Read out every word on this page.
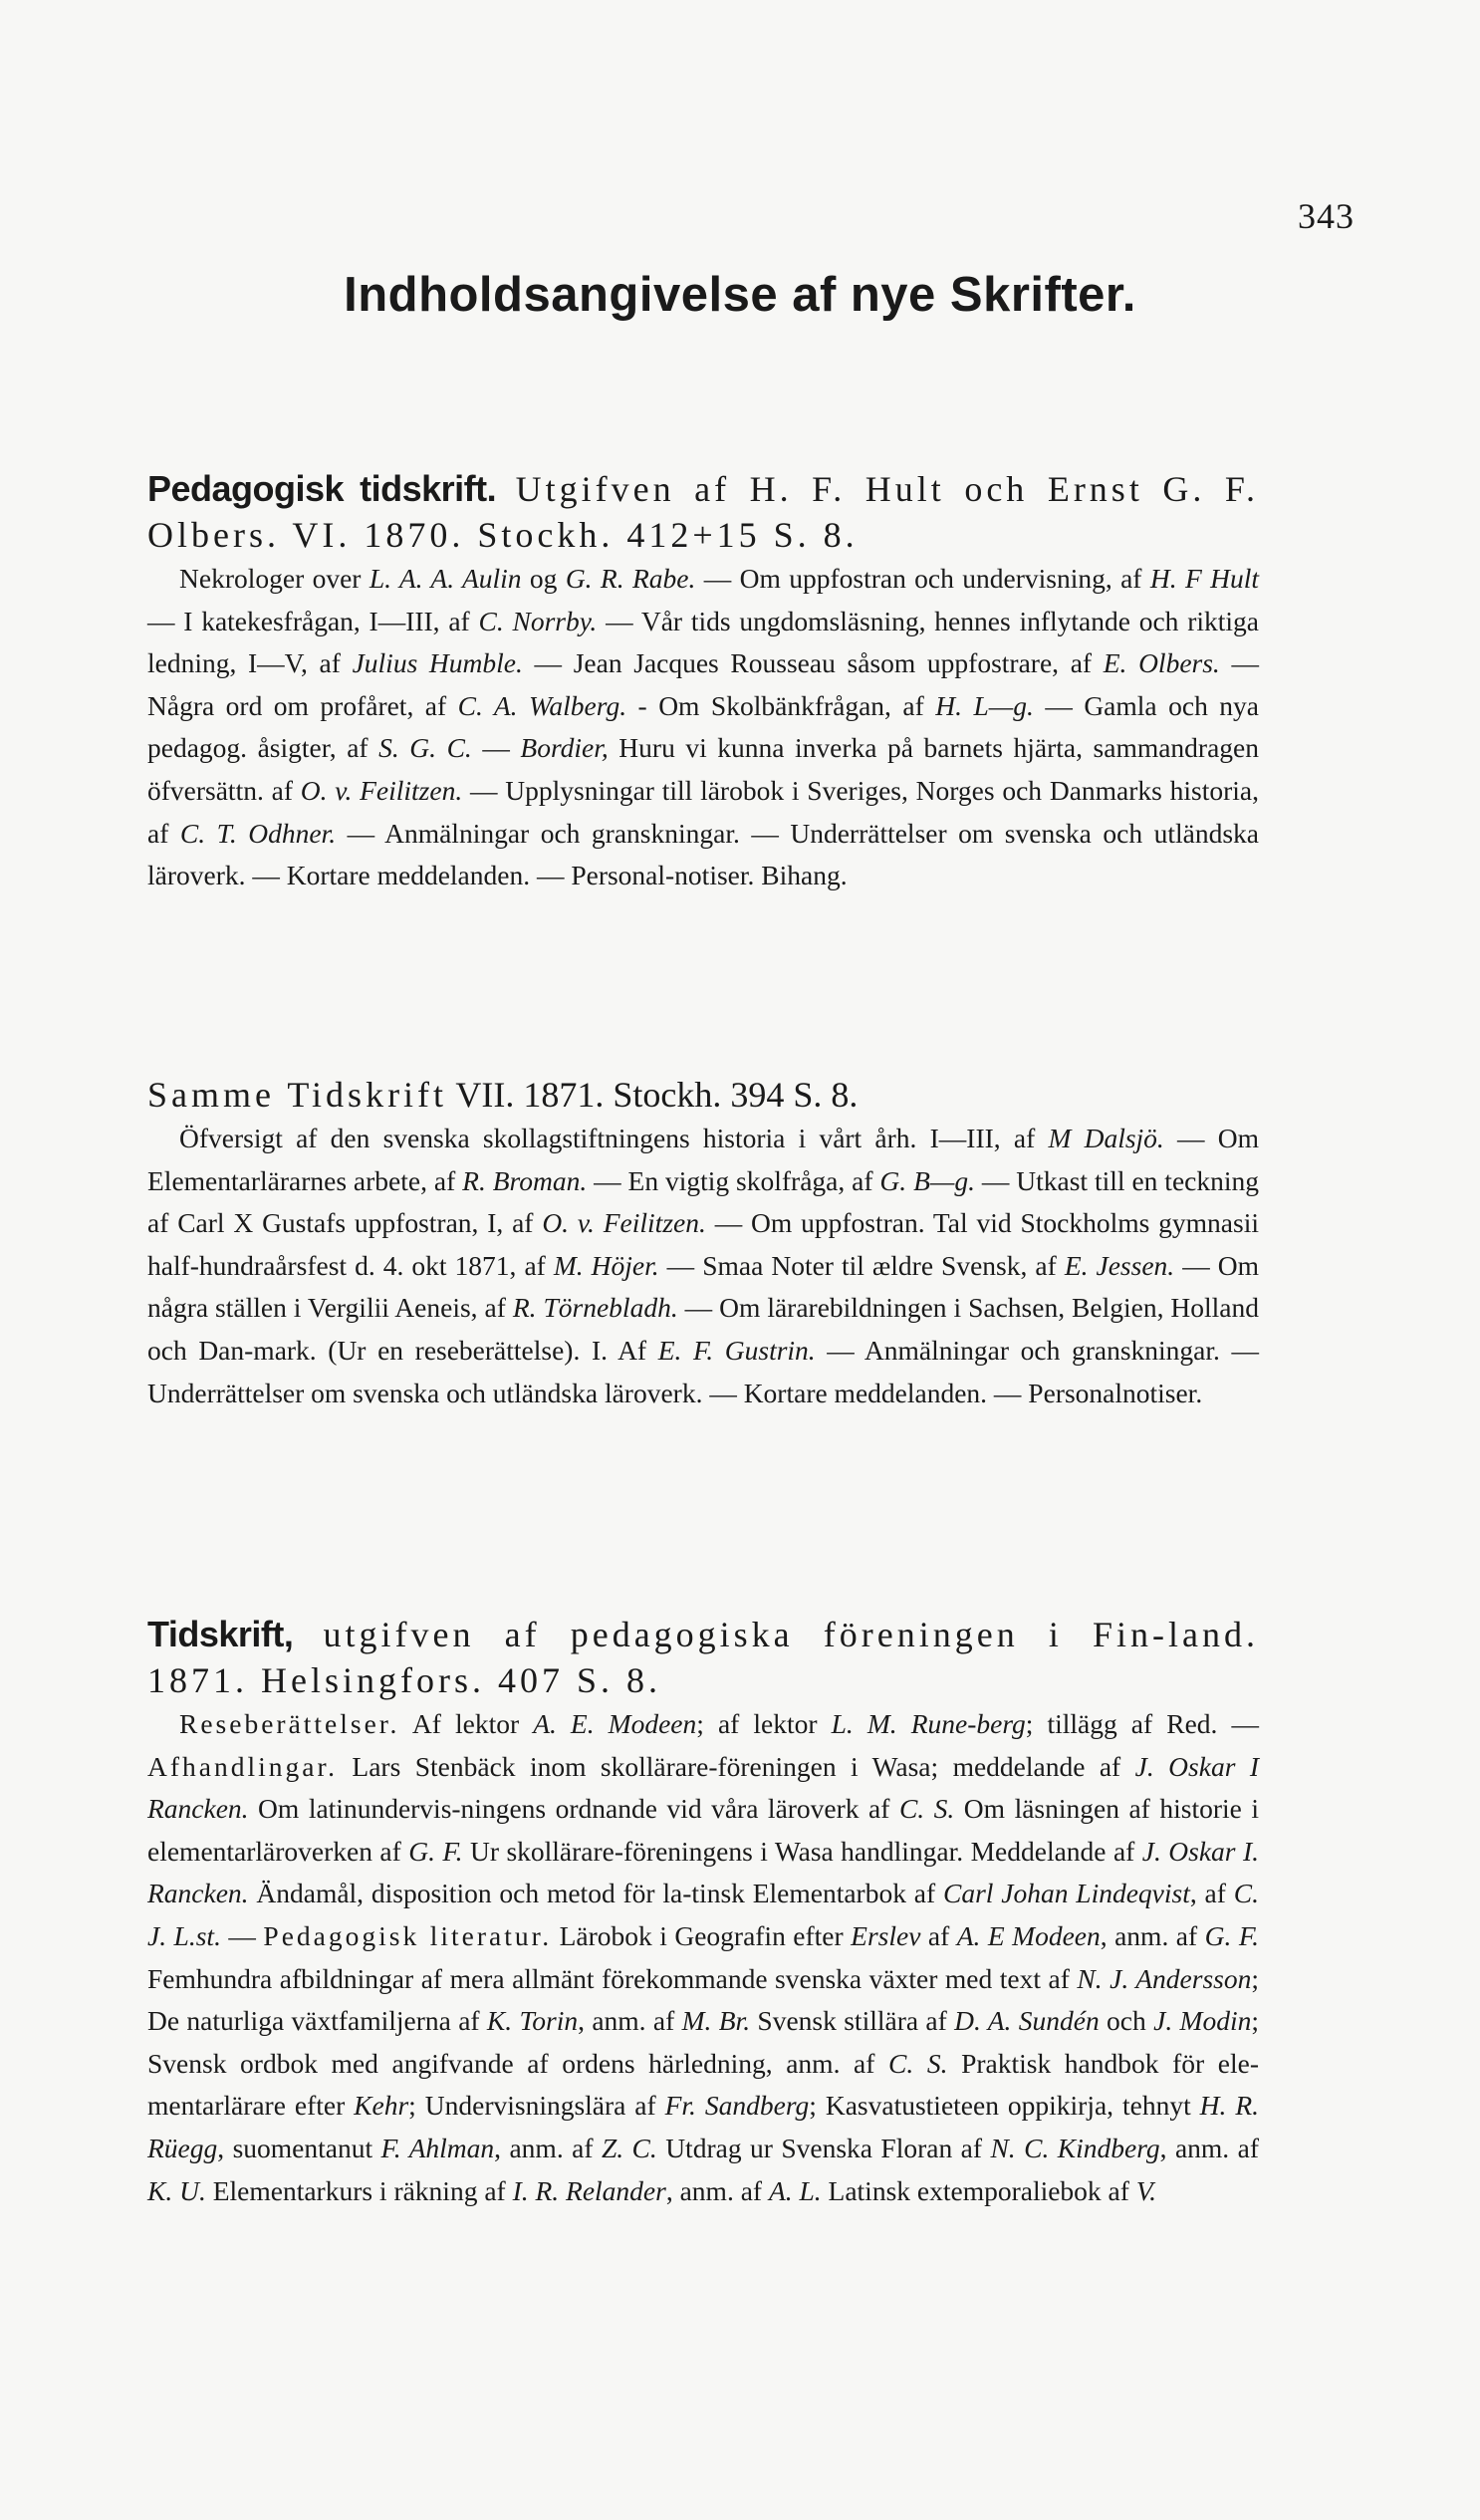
343
Indholdsangivelse af nye Skrifter.

Pedagogisk tidskrift. Utgifven af H. F. Hult och Ernst G. F. Olbers. VI. 1870. Stockh. 412+15 S. 8.

Nekrologer over L. A. A. Aulin og G. R. Rabe. — Om uppfostran och undervisning, af H. F Hult — I katekesfrågan, I—III, af C. Norrby. — Vår tids ungdomsläsning, hennes inflytande och riktiga ledning, I—V, af Julius Humble. — Jean Jacques Rousseau såsom uppfostrare, af E. Olbers. — Några ord om profåret, af C. A. Walberg. - Om Skolbänkfrågan, af H. L—g. — Gamla och nya pedagog. åsigter, af S. G. C. — Bordier, Huru vi kunna inverka på barnets hjärta, sammandragen öfversättn. af O. v. Feilitzen. — Upplysningar till lärobok i Sveriges, Norges och Danmarks historia, af C. T. Odhner. — Anmälningar och granskningar. — Underrättelser om svenska och utländska läroverk. — Kortare meddelanden. — Personal-notiser. Bihang.

Samme Tidskrift VII. 1871. Stockh. 394 S. 8.

Öfversigt af den svenska skollagstiftningens historia i vårt årh. I—III, af M Dalsjö. — Om Elementarlärarnes arbete, af R. Broman. — En vigtig skolfråga, af G. B—g. — Utkast till en teckning af Carl X Gustafs uppfostran, I, af O. v. Feilitzen. — Om uppfostran. Tal vid Stockholms gymnasii half-hundraårsfest d. 4. okt 1871, af M. Höjer. — Smaa Noter til ældre Svensk, af E. Jessen. — Om några ställen i Vergilii Aeneis, af R. Törnebladh. — Om lärarebildningen i Sachsen, Belgien, Holland och Dan-mark. (Ur en reseberättelse). I. Af E. F. Gustrin. — Anmälningar och granskningar. — Underrättelser om svenska och utländska läroverk. — Kortare meddelanden. — Personalnotiser.

Tidskrift, utgifven af pedagogiska föreningen i Fin-land. 1871. Helsingfors. 407 S. 8.

Reseberättelser. Af lektor A. E. Modeen; af lektor L. M. Rune-berg; tillägg af Red. — Afhandlingar. Lars Stenbäck inom skollärare-föreningen i Wasa; meddelande af J. Oskar I Rancken. Om latinundervis-ningens ordnande vid våra läroverk af C. S. Om läsningen af historie i elementarläroverken af G. F. Ur skollärare-föreningens i Wasa handlingar. Meddelande af J. Oskar I. Rancken. Ändamål, disposition och metod för la-tinsk Elementarbok af Carl Johan Lindeqvist, af C. J. L.st. — Pedagogisk literatur. Lärobok i Geografin efter Erslev af A. E Modeen, anm. af G. F. Femhundra afbildningar af mera allmänt förekommande svenska växter med text af N. J. Andersson; De naturliga växtfamiljerna af K. Torin, anm. af M. Br. Svensk stillära af D. A. Sundén och J. Modin; Svensk ordbok med angifvande af ordens härledning, anm. af C. S. Praktisk handbok för ele-mentarlärare efter Kehr; Undervisningslära af Fr. Sandberg; Kasvatustieteen oppikirja, tehnyt H. R. Rüegg, suomentanut F. Ahlman, anm. af Z. C. Utdrag ur Svenska Floran af N. C. Kindberg, anm. af K. U. Elementarkurs i räkning af I. R. Relander, anm. af A. L. Latinsk extemporaliebok af V.
